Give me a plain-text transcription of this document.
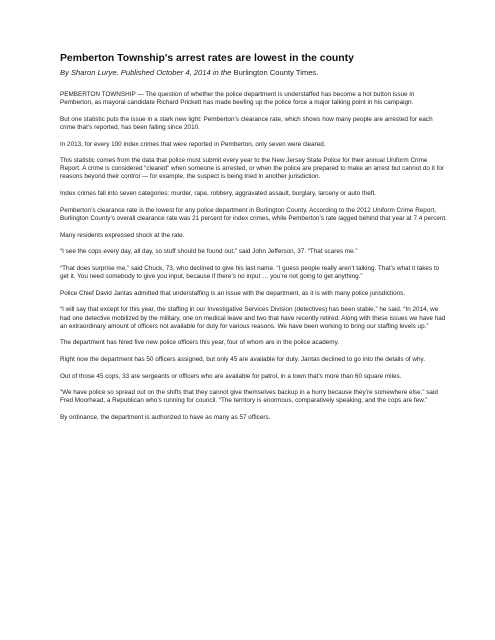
Pemberton Township's arrest rates are lowest in the county
By Sharon Lurye. Published October 4, 2014 in the Burlington County Times.

PEMBERTON TOWNSHIP — The question of whether the police department is understaffed has become a hot button issue in Pemberton, as mayoral candidate Richard Prickett has made beefing up the police force a major talking point in his campaign.

But one statistic puts the issue in a stark new light: Pemberton’s clearance rate, which shows how many people are arrested for each crime that’s reported, has been falling since 2010.

In 2013, for every 100 index crimes that were reported in Pemberton, only seven were cleared.

This statistic comes from the data that police must submit every year to the New Jersey State Police for their annual Uniform Crime Report. A crime is considered “cleared” when someone is arrested, or when the police are prepared to make an arrest but cannot do it for reasons beyond their control — for example, the suspect is being tried in another jurisdiction.

Index crimes fall into seven categories: murder, rape, robbery, aggravated assault, burglary, larceny or auto theft.

Pemberton’s clearance rate is the lowest for any police department in Burlington County. According to the 2012 Uniform Crime Report, Burlington County’s overall clearance rate was 21 percent for index crimes, while Pemberton’s rate lagged behind that year at 7.4 percent.

Many residents expressed shock at the rate.

“I see the cops every day, all day, so stuff should be found out,” said John Jefferson, 37. “That scares me.”

“That does surprise me,” said Chuck, 73, who declined to give his last name. “I guess people really aren’t talking. That’s what it takes to get it. You need somebody to give you input, because if there’s no input … you’re not going to get anything.”

Police Chief David Jantas admitted that understaffing is an issue with the department, as it is with many police jurisdictions.

“I will say that except for this year, the staffing in our Investigative Services Division (detectives) has been stable,” he said. “In 2014, we had one detective mobilized by the military, one on medical leave and two that have recently retired. Along with these issues we have had an extraordinary amount of officers not available for duty for various reasons. We have been working to bring our staffing levels up.”

The department has hired five new police officers this year, four of whom are in the police academy.

Right now the department has 50 officers assigned, but only 45 are available for duty. Jantas declined to go into the details of why.

Out of those 45 cops, 33 are sergeants or officers who are available for patrol, in a town that’s more than 60 square miles.

“We have police so spread out on the shifts that they cannot give themselves backup in a hurry because they’re somewhere else,” said Fred Moorhead, a Republican who’s running for council. “The territory is enormous, comparatively speaking, and the cops are few.”

By ordinance, the department is authorized to have as many as 57 officers.
